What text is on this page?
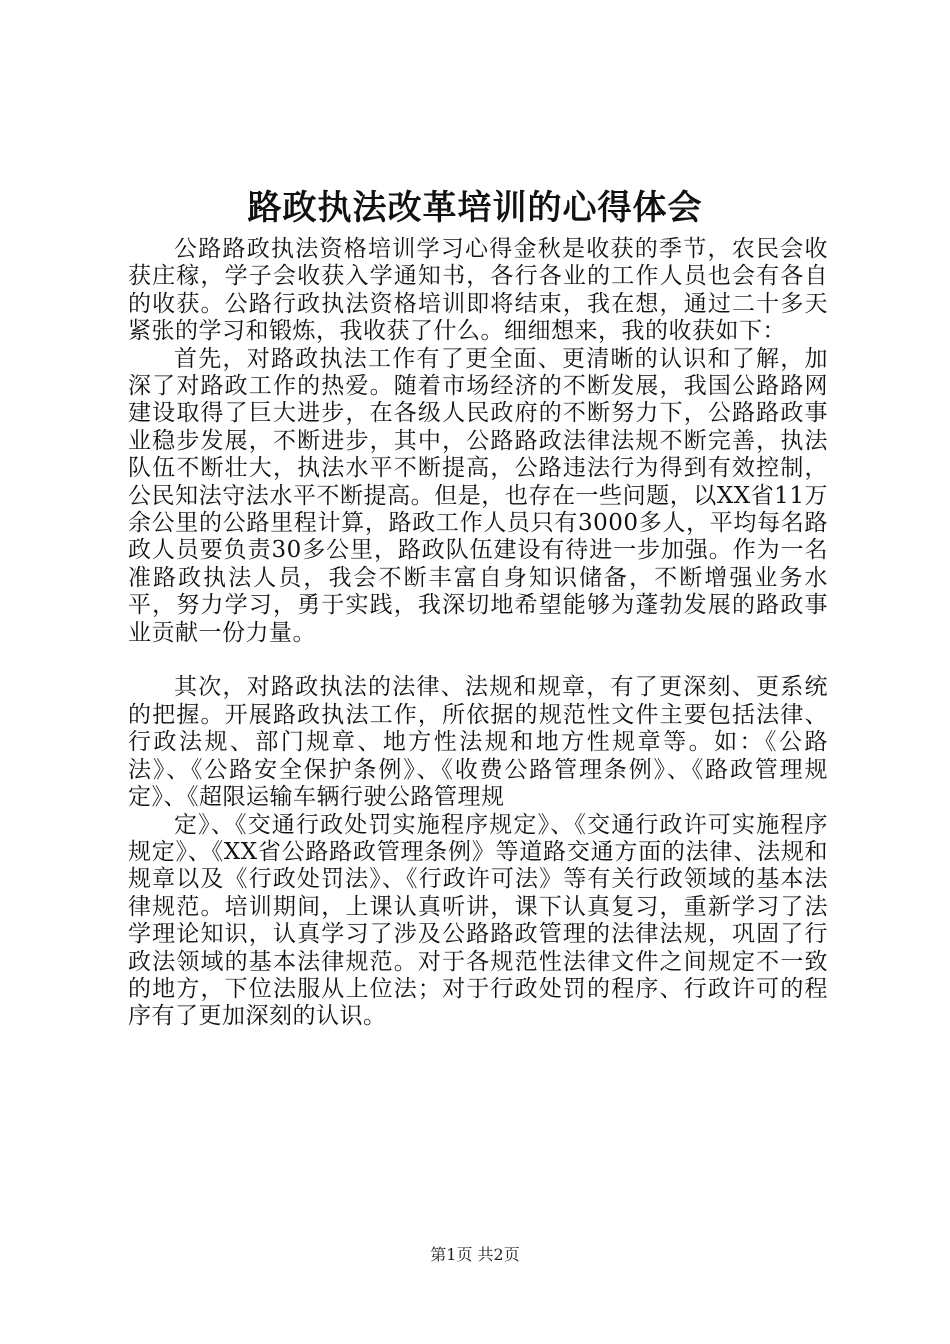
路政执法改革培训的心得体会

公路路政执法资格培训学习心得金秋是收获的季节，农民会收获庄稼，学子会收获入学通知书，各行各业的工作人员也会有各自的收获。公路行政执法资格培训即将结束，我在想，通过二十多天紧张的学习和锻炼，我收获了什么。细细想来，我的收获如下：

首先，对路政执法工作有了更全面、更清晰的认识和了解，加深了对路政工作的热爱。随着市场经济的不断发展，我国公路路网建设取得了巨大进步，在各级人民政府的不断努力下，公路路政事业稳步发展，不断进步，其中，公路路政法律法规不断完善，执法队伍不断壮大，执法水平不断提高，公路违法行为得到有效控制，公民知法守法水平不断提高。但是，也存在一些问题，以XX省11万余公里的公路里程计算，路政工作人员只有3000多人，平均每名路政人员要负责30多公里，路政队伍建设有待进一步加强。作为一名准路政执法人员，我会不断丰富自身知识储备，不断增强业务水平，努力学习，勇于实践，我深切地希望能够为蓬勃发展的路政事业贡献一份力量。

其次，对路政执法的法律、法规和规章，有了更深刻、更系统的把握。开展路政执法工作，所依据的规范性文件主要包括法律、行政法规、部门规章、地方性法规和地方性规章等。如：《公路法》、《公路安全保护条例》、《收费公路管理条例》、《路政管理规定》、《超限运输车辆行驶公路管理规

定》、《交通行政处罚实施程序规定》、《交通行政许可实施程序规定》、《XX省公路路政管理条例》等道路交通方面的法律、法规和规章以及《行政处罚法》、《行政许可法》等有关行政领域的基本法律规范。培训期间，上课认真听讲，课下认真复习，重新学习了法学理论知识，认真学习了涉及公路路政管理的法律法规，巩固了行政法领域的基本法律规范。对于各规范性法律文件之间规定不一致的地方，下位法服从上位法；对于行政处罚的程序、行政许可的程序有了更加深刻的认识。

第1页 共2页
